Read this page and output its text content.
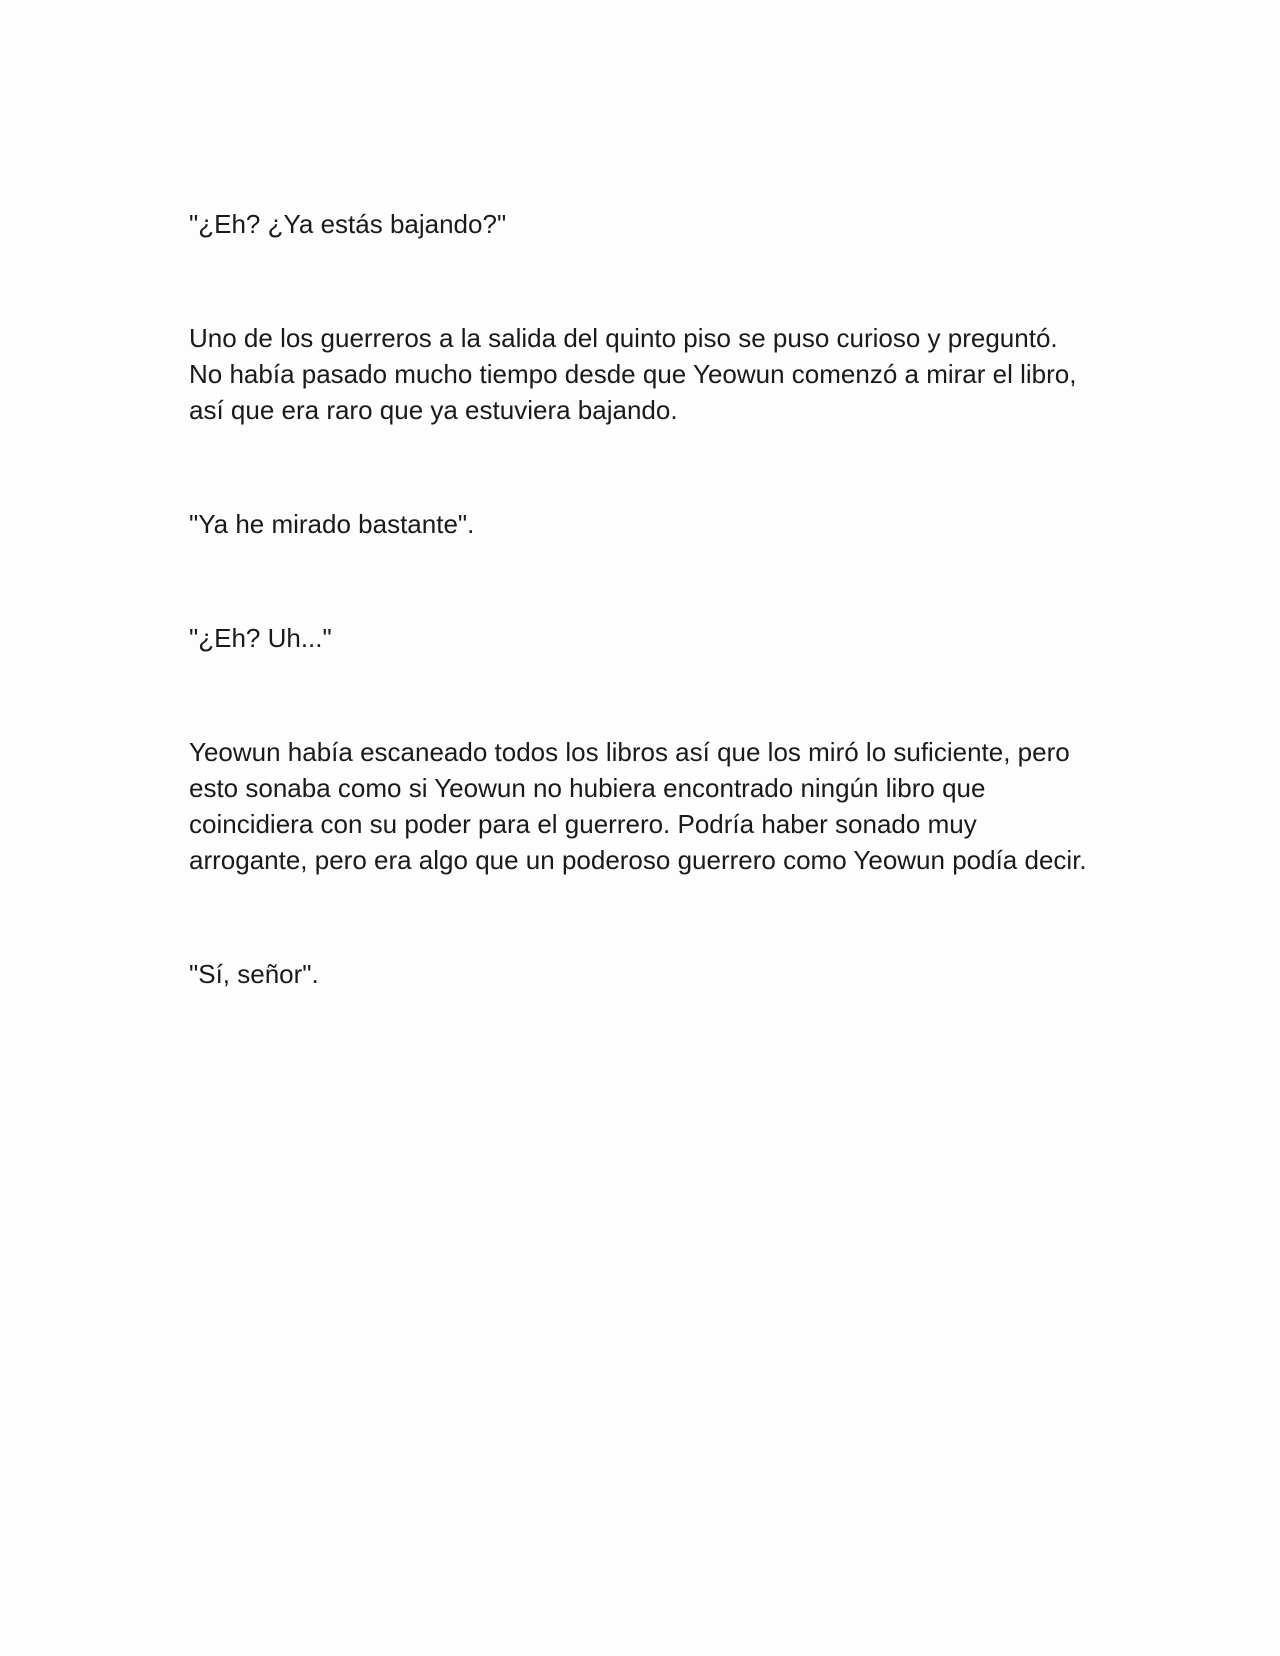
"¿Eh? ¿Ya estás bajando?"

Uno de los guerreros a la salida del quinto piso se puso curioso y preguntó. No había pasado mucho tiempo desde que Yeowun comenzó a mirar el libro, así que era raro que ya estuviera bajando.

"Ya he mirado bastante".

"¿Eh? Uh..."

Yeowun había escaneado todos los libros así que los miró lo suficiente, pero esto sonaba como si Yeowun no hubiera encontrado ningún libro que coincidiera con su poder para el guerrero. Podría haber sonado muy arrogante, pero era algo que un poderoso guerrero como Yeowun podía decir.

"Sí, señor".
